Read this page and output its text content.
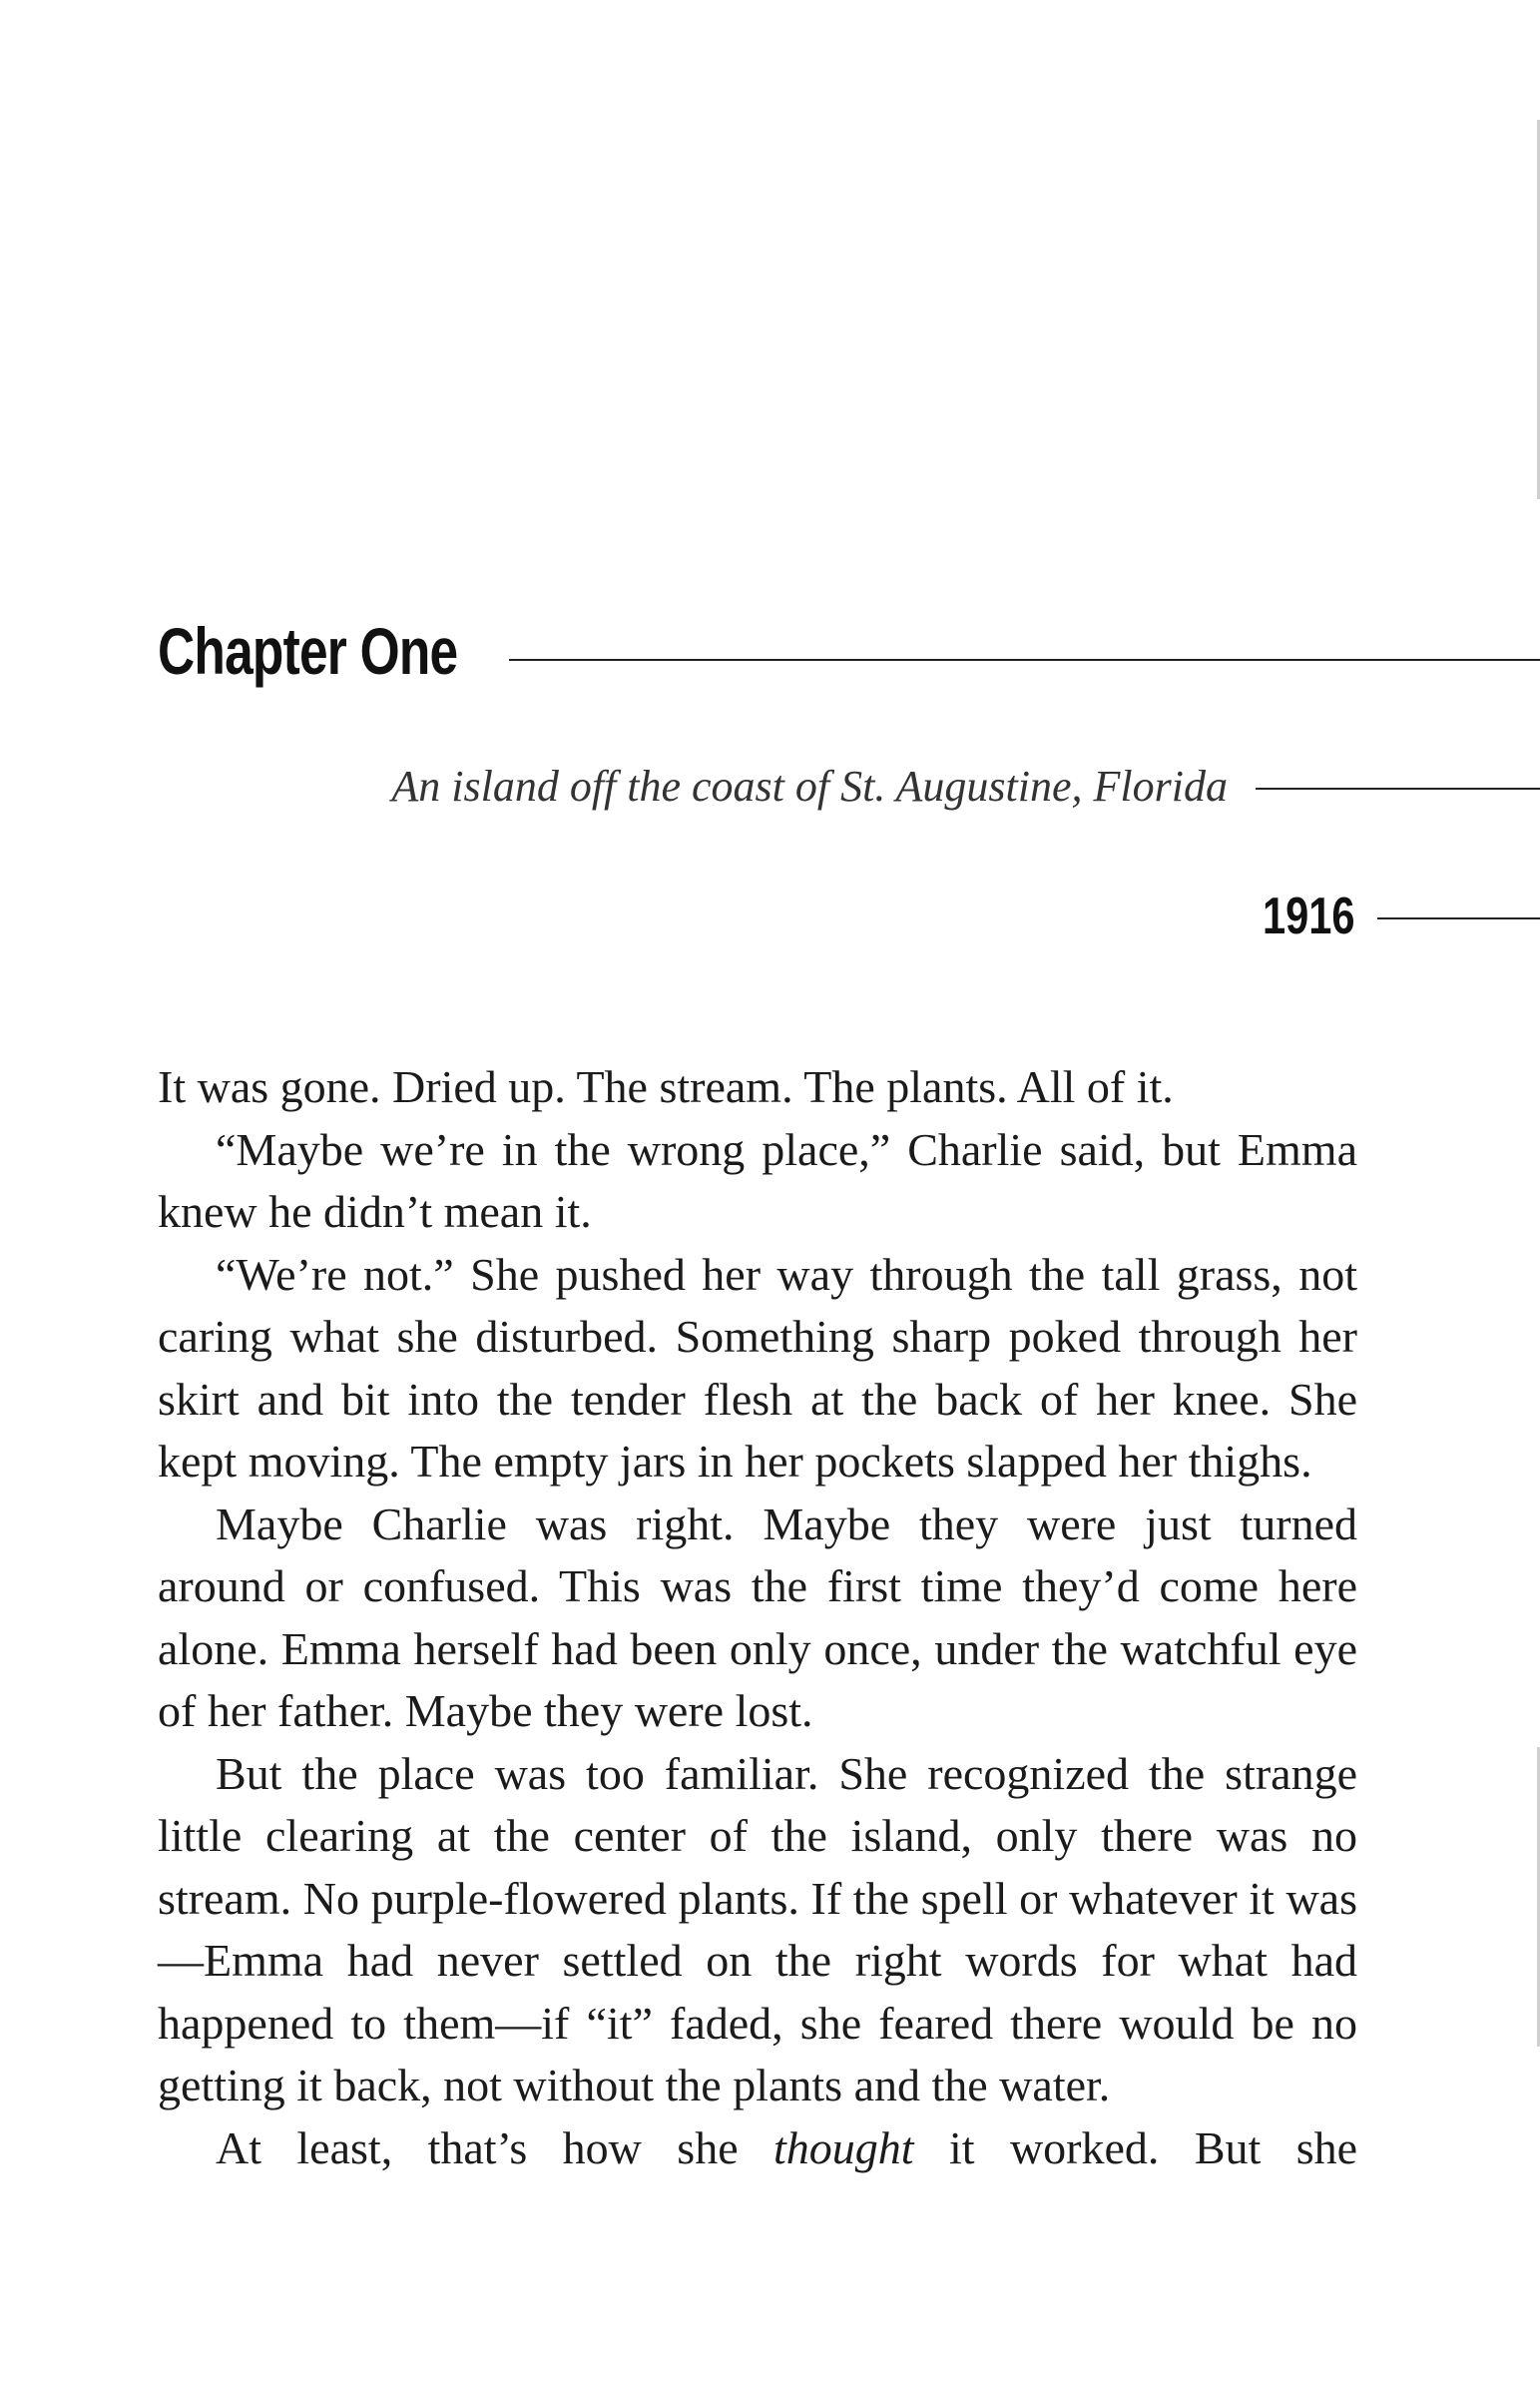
Chapter One
An island off the coast of St. Augustine, Florida
1916

It was gone. Dried up. The stream. The plants. All of it.

“Maybe we’re in the wrong place,” Charlie said, but Emma knew he didn’t mean it.

“We’re not.” She pushed her way through the tall grass, not caring what she disturbed. Something sharp poked through her skirt and bit into the tender flesh at the back of her knee. She kept moving. The empty jars in her pockets slapped her thighs.

Maybe Charlie was right. Maybe they were just turned around or confused. This was the first time they’d come here alone. Emma herself had been only once, under the watchful eye of her father. Maybe they were lost.

But the place was too familiar. She recognized the strange little clearing at the center of the island, only there was no stream. No purple-flowered plants. If the spell or whatever it was—Emma had never settled on the right words for what had happened to them—if “it” faded, she feared there would be no getting it back, not without the plants and the water.

At least, that’s how she thought it worked. But she
